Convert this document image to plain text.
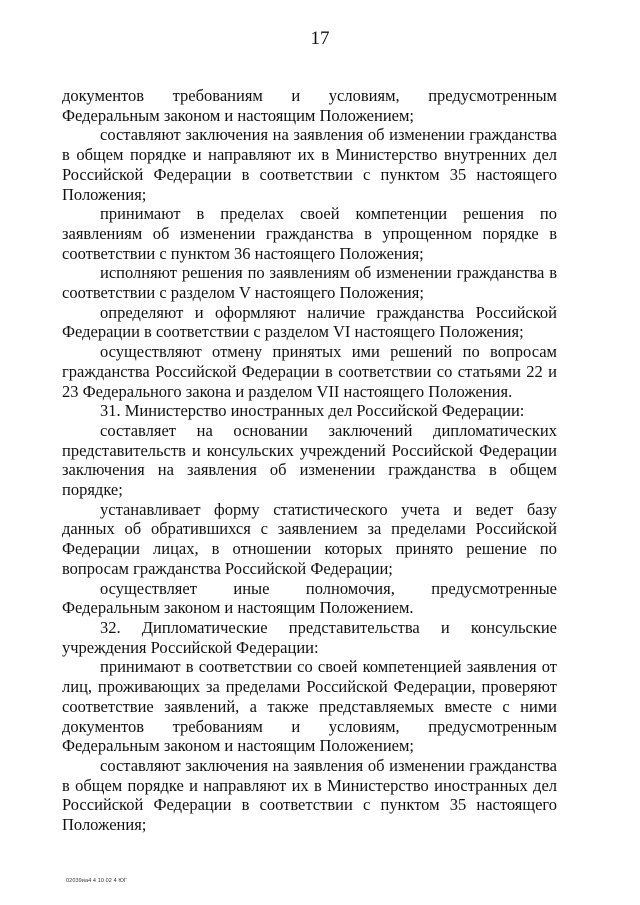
17

документов требованиям и условиям, предусмотренным Федеральным законом и настоящим Положением;

составляют заключения на заявления об изменении гражданства в общем порядке и направляют их в Министерство внутренних дел Российской Федерации в соответствии с пунктом 35 настоящего Положения;

принимают в пределах своей компетенции решения по заявлениям об изменении гражданства в упрощенном порядке в соответствии с пунктом 36 настоящего Положения;

исполняют решения по заявлениям об изменении гражданства в соответствии с разделом V настоящего Положения;

определяют и оформляют наличие гражданства Российской Федерации в соответствии с разделом VI настоящего Положения;

осуществляют отмену принятых ими решений по вопросам гражданства Российской Федерации в соответствии со статьями 22 и 23 Федерального закона и разделом VII настоящего Положения.

31. Министерство иностранных дел Российской Федерации:

составляет на основании заключений дипломатических представительств и консульских учреждений Российской Федерации заключения на заявления об изменении гражданства в общем порядке;

устанавливает форму статистического учета и ведет базу данных об обратившихся с заявлением за пределами Российской Федерации лицах, в отношении которых принято решение по вопросам гражданства Российской Федерации;

осуществляет иные полномочия, предусмотренные Федеральным законом и настоящим Положением.

32. Дипломатические представительства и консульские учреждения Российской Федерации:

принимают в соответствии со своей компетенцией заявления от лиц, проживающих за пределами Российской Федерации, проверяют соответствие заявлений, а также представляемых вместе с ними документов требованиям и условиям, предусмотренным Федеральным законом и настоящим Положением;

составляют заключения на заявления об изменении гражданства в общем порядке и направляют их в Министерство иностранных дел Российской Федерации в соответствии с пунктом 35 настоящего Положения;

02039иа4 4 10 02 4 ЮГ
